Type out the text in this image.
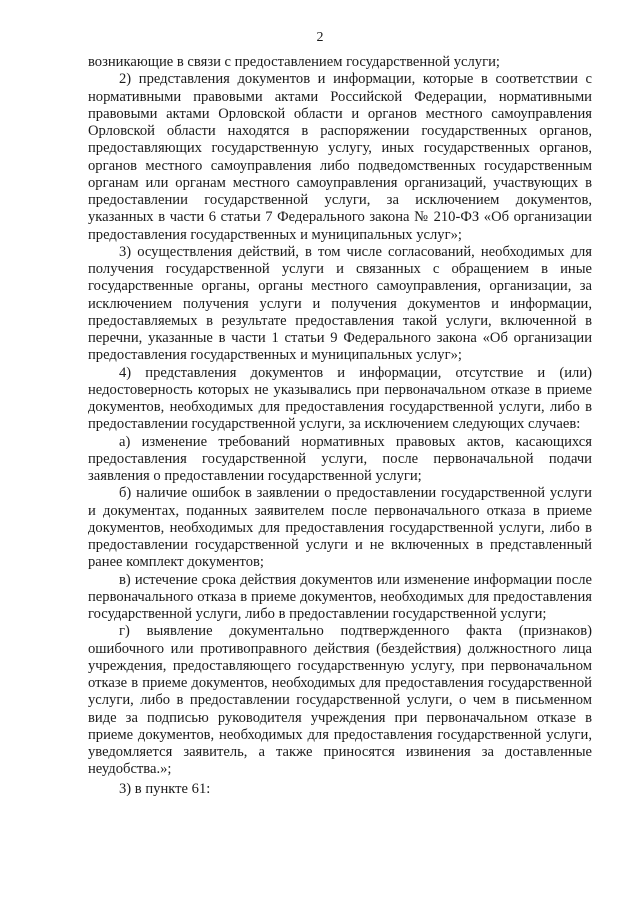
2

возникающие в связи с предоставлением государственной услуги;

2) представления документов и информации, которые в соответствии с нормативными правовыми актами Российской Федерации, нормативными правовыми актами Орловской области и органов местного самоуправления Орловской области находятся в распоряжении государственных органов, предоставляющих государственную услугу, иных государственных органов, органов местного самоуправления либо подведомственных государственным органам или органам местного самоуправления организаций, участвующих в предоставлении государственной услуги, за исключением документов, указанных в части 6 статьи 7 Федерального закона № 210-ФЗ «Об организации предоставления государственных и муниципальных услуг»;

3) осуществления действий, в том числе согласований, необходимых для получения государственной услуги и связанных с обращением в иные государственные органы, органы местного самоуправления, организации, за исключением получения услуги и получения документов и информации, предоставляемых в результате предоставления такой услуги, включенной в перечни, указанные в части 1 статьи 9 Федерального закона «Об организации предоставления государственных и муниципальных услуг»;

4) представления документов и информации, отсутствие и (или) недостоверность которых не указывались при первоначальном отказе в приеме документов, необходимых для предоставления государственной услуги, либо в предоставлении государственной услуги, за исключением следующих случаев:

а) изменение требований нормативных правовых актов, касающихся предоставления государственной услуги, после первоначальной подачи заявления о предоставлении государственной услуги;

б) наличие ошибок в заявлении о предоставлении государственной услуги и документах, поданных заявителем после первоначального отказа в приеме документов, необходимых для предоставления государственной услуги, либо в предоставлении государственной услуги и не включенных в представленный ранее комплект документов;

в) истечение срока действия документов или изменение информации после первоначального отказа в приеме документов, необходимых для предоставления государственной услуги, либо в предоставлении государственной услуги;

г) выявление документально подтвержденного факта (признаков) ошибочного или противоправного действия (бездействия) должностного лица учреждения, предоставляющего государственную услугу, при первоначальном отказе в приеме документов, необходимых для предоставления государственной услуги, либо в предоставлении государственной услуги, о чем в письменном виде за подписью руководителя учреждения при первоначальном отказе в приеме документов, необходимых для предоставления государственной услуги, уведомляется заявитель, а также приносятся извинения за доставленные неудобства.»;

3) в пункте 61:
